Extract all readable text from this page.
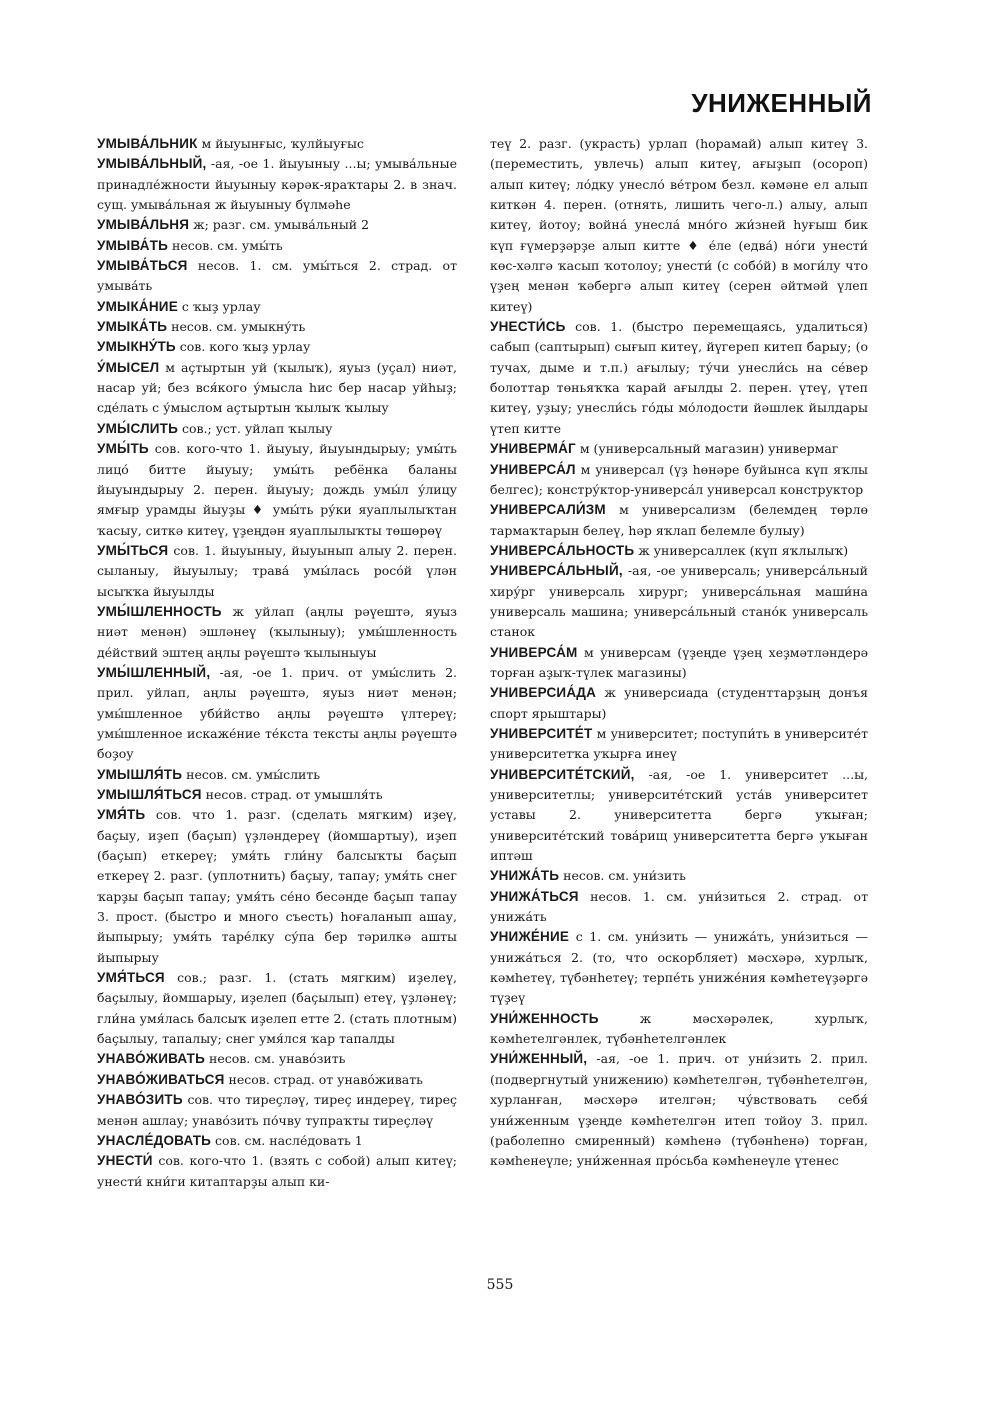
УНИЖЕННЫЙ

УМЫВА́ЛЬНИК м йыуынғыс, ҡулйыуғыс

УМЫВА́ЛЬНЫЙ, -ая, -ое 1. йыуыныу ...ы; умыва́льные принадле́жности йыуыныу кәрәк-яраҡтары 2. в знач. сущ. умыва́льная ж йыуыныу бүлмәһе

УМЫВА́ЛЬНЯ ж; разг. см. умыва́льный 2

УМЫВА́ТЬ несов. см. умы́ть

УМЫВА́ТЬСЯ несов. 1. см. умы́ться 2. страд. от умыва́ть

УМЫКА́НИЕ с ҡыҙ урлау

УМЫКА́ТЬ несов. см. умыкну́ть

УМЫКНУ́ТЬ сов. кого ҡыҙ урлау

У́МЫСЕЛ м аҫтыртын уй (ҡылыҡ), яуыз (уҫал) ниәт, насар уй; без вся́кого у́мысла һис бер насар уйһыҙ; сде́лать с у́мыслом аҫтыртын ҡылыҡ ҡылыу

УМЫ́СЛИТЬ сов.; уст. уйлап ҡылыу

УМЫ́ТЬ сов. кого-что 1. йыуыу, йыуындырыу; умы́ть лицо́ битте йыуыу; умы́ть ребёнка баланы йыуындырыу 2. перен. йыуыу; дождь умы́л у́лицу ямғыр урамды йыуҙы ♦ умы́ть ру́ки яуаплылыҡтан ҡасыу, ситкә китеү, үҙеңдән яуаплылыҡты төшөрөү

УМЫ́ТЬСЯ сов. 1. йыуыныу, йыуынып алыу 2. перен. сыланыу, йыуылыу; трава́ умы́лась росо́й үлән ысыҡҡа йыуылды

УМЫ́ШЛЕННОСТЬ ж уйлап (аңлы рәүештә, яуыз ниәт менән) эшләнеү (ҡылыныу); умы́шленность де́йствий эштең аңлы рәүештә ҡылыныуы

УМЫ́ШЛЕННЫЙ, -ая, -ое 1. прич. от умы́слить 2. прил. уйлап, аңлы рәүештә, яуыз ниәт менән; умы́шленное уби́йство аңлы рәүештә үлтереү; умы́шленное искаже́ние те́кста тексты аңлы рәүештә боҙоу

УМЫШЛЯ́ТЬ несов. см. умы́слить

УМЫШЛЯ́ТЬСЯ несов. страд. от умышля́ть

УМЯ́ТЬ сов. что 1. разг. (сделать мягким) иҙеү, баҫыу, иҙеп (баҫып) үҙләндереү (йомшартыу), иҙеп (баҫып) еткереү; умя́ть гли́ну балсыҡты баҫып еткереү 2. разг. (уплотнить) баҫыу, тапау; умя́ть снег ҡарҙы баҫып тапау; умя́ть се́но бесәнде баҫып тапау 3. прост. (быстро и много съесть) һоғаланып ашау, йыпырыу; умя́ть таре́лку су́па бер тәрилкә ашты йыпырыу

УМЯ́ТЬСЯ сов.; разг. 1. (стать мягким) иҙелеү, баҫылыу, йомшарыу, иҙелеп (баҫылып) етеү, үҙләнеү; гли́на умя́лась балсыҡ иҙелеп етте 2. (стать плотным) баҫылыу, тапалыу; снег умя́лся ҡар тапалды

УНАВО́ЖИВАТЬ несов. см. унаво́зить

УНАВО́ЖИВАТЬСЯ несов. страд. от унаво́живать

УНАВО́ЗИТЬ сов. что тиреҫләү, тиреҫ индереү, тиреҫ менән ашлау; унаво́зить по́чву тупраҡты тиреҫләү

УНАСЛЕ́ДОВАТЬ сов. см. насле́довать 1

УНЕСТИ́ сов. кого-что 1. (взять с собой) алып китеү; унести́ кни́ги китаптарҙы алып ки-

теү 2. разг. (украсть) урлап (һорамай) алып китеү 3. (переместить, увлечь) алып китеү, ағыҙып (осороп) алып китеү; ло́дку унесло́ ве́тром безл. кәмәне ел алып киткән 4. перен. (отнять, лишить чего-л.) алыу, алып китеү, йотоу; война́ унесла́ мно́го жи́зней һуғыш бик күп ғүмерҙәрҙе алып китте ♦ е́ле (едва́) но́ги унести́ көс-хәлгә ҡасып ҡотолоу; унести́ (с собо́й) в моги́лу что үҙең менән ҡәбергә алып китеү (серен әйтмәй үлеп китеү)

УНЕСТИ́СЬ сов. 1. (быстро перемещаясь, удалиться) сабып (саптырып) сығып китеү, йүгереп китеп барыу; (о тучах, дыме и т.п.) ағылыу; ту́чи унесли́сь на се́вер болоттар төньяҡҡа ҡарай ағылды 2. перен. үтеү, үтеп китеү, уҙыу; унесли́сь го́ды мо́лодости йәшлек йылдары үтеп китте

УНИВЕРМА́Г м (универсальный магазин) универмаг

УНИВЕРСА́Л м универсал (үҙ һөнәре буйынса күп яҡлы белгес); констру́ктор-универса́л универсал конструктор

УНИВЕРСАЛИ́ЗМ м универсализм (белемдең төрлө тармаҡтарын белеү, һәр яҡлап белемле булыу)

УНИВЕРСА́ЛЬНОСТЬ ж универсаллек (күп яҡлылыҡ)

УНИВЕРСА́ЛЬНЫЙ, -ая, -ое универсаль; универса́льный хиру́рг универсаль хирург; универса́льная маши́на универсаль машина; универса́льный стано́к универсаль станок

УНИВЕРСА́М м универсам (үҙеңде үҙең хеҙмәтләндерә торған аҙыҡ-түлек магазины)

УНИВЕРСИА́ДА ж универсиада (студенттарҙың донъя спорт ярыштары)

УНИВЕРСИТЕ́Т м университет; поступи́ть в университе́т университетҡа уҡырға инеү

УНИВЕРСИТЕ́ТСКИЙ, -ая, -ое 1. университет ...ы, университетлы; университе́тский уста́в университет уставы 2. университетта бергә уҡыған; университе́тский това́рищ университетта бергә уҡыған иптәш

УНИЖА́ТЬ несов. см. уни́зить

УНИЖА́ТЬСЯ несов. 1. см. уни́зиться 2. страд. от унижа́ть

УНИЖЕ́НИЕ с 1. см. уни́зить — унижа́ть, уни́зиться — унижа́ться 2. (то, что оскорбляет) мәсхәрә, хурлыҡ, кәмһетеү, түбәнһетеү; терпе́ть униже́ния кәмһетеүҙәргә түҙеү

УНИ́ЖЕННОСТЬ ж мәсхәрәлек, хурлыҡ, кәмһетелгәнлек, түбәнһетелгәнлек

УНИ́ЖЕННЫЙ, -ая, -ое 1. прич. от уни́зить 2. прил. (подвергнутый унижению) кәмһетелгән, түбәнһетелгән, хурланған, мәсхәрә ителгән; чу́вствовать себя́ уни́женным үҙеңде кәмһетелгән итеп тойоу 3. прил. (раболепно смиренный) кәмһенә (түбәнһенә) торған, кәмһенеүле; уни́женная про́сьба кәмһенеүле үтенес

555
